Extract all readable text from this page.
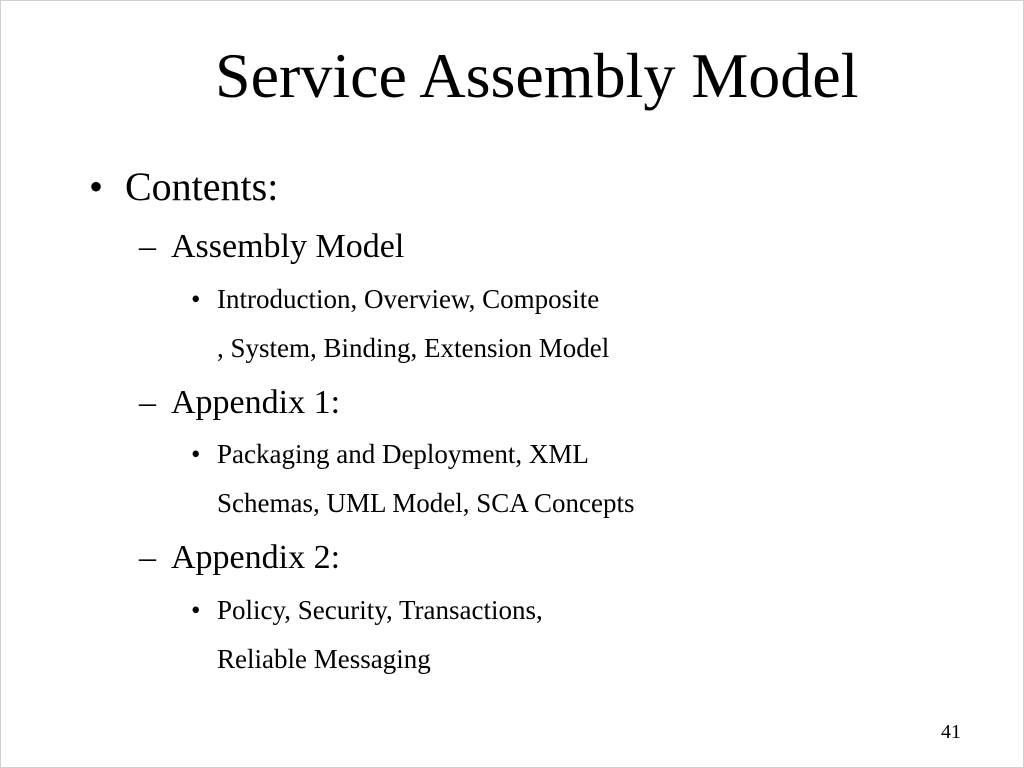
Service Assembly Model
• Contents:
– Assembly Model
• Introduction, Overview, Composite
, System, Binding, Extension Model
– Appendix 1:
• Packaging and Deployment, XML
Schemas, UML Model, SCA Concepts
– Appendix 2:
• Policy, Security, Transactions,
Reliable Messaging
41
